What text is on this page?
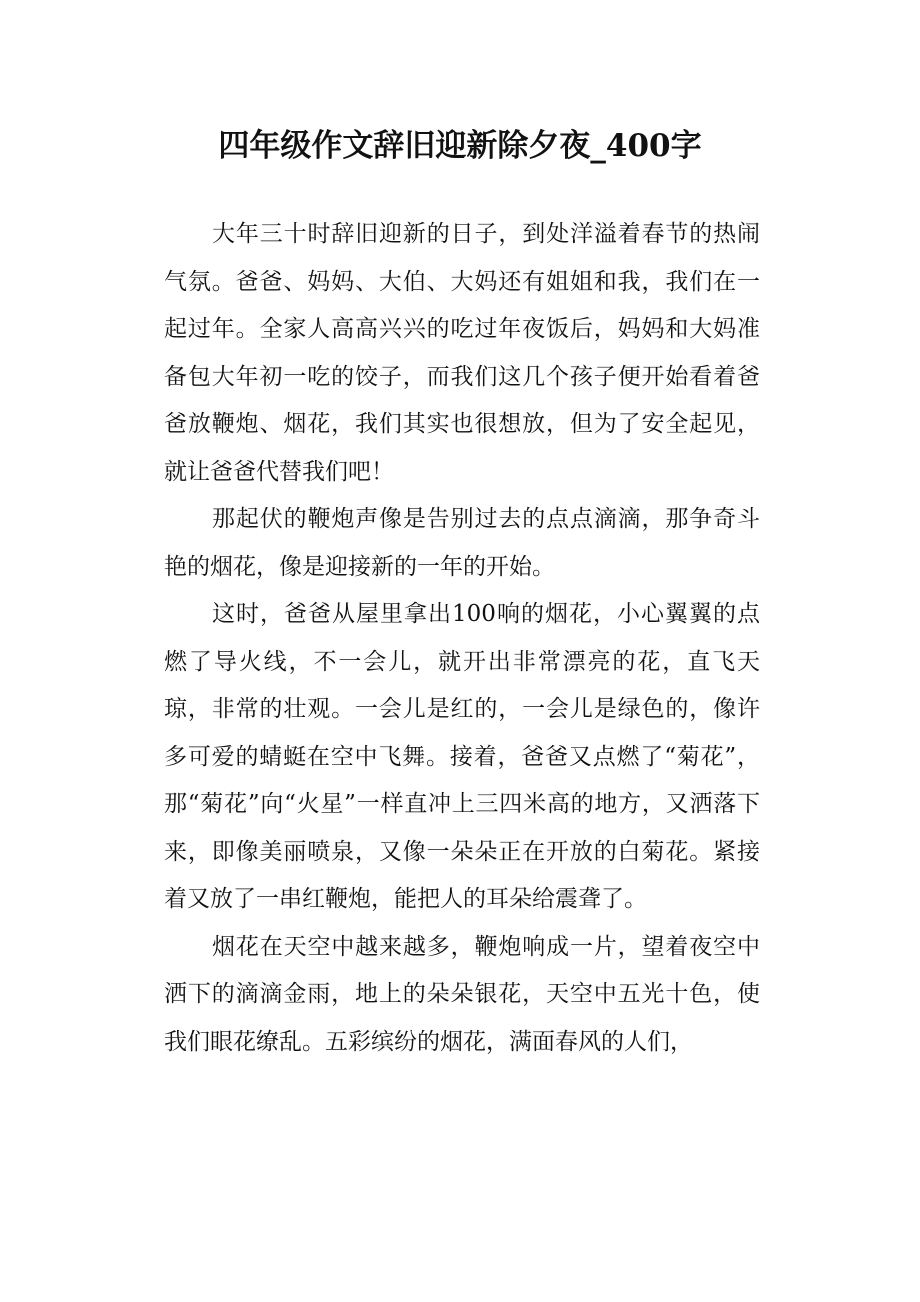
四年级作文辞旧迎新除夕夜_400字

大年三十时辞旧迎新的日子，到处洋溢着春节的热闹气氛。爸爸、妈妈、大伯、大妈还有姐姐和我，我们在一起过年。全家人高高兴兴的吃过年夜饭后，妈妈和大妈准备包大年初一吃的饺子，而我们这几个孩子便开始看着爸爸放鞭炮、烟花，我们其实也很想放，但为了安全起见，就让爸爸代替我们吧！

那起伏的鞭炮声像是告别过去的点点滴滴，那争奇斗艳的烟花，像是迎接新的一年的开始。

这时，爸爸从屋里拿出100响的烟花，小心翼翼的点燃了导火线，不一会儿，就开出非常漂亮的花，直飞天琼，非常的壮观。一会儿是红的，一会儿是绿色的，像许多可爱的蜻蜓在空中飞舞。接着，爸爸又点燃了“菊花”，那“菊花”向“火星”一样直冲上三四米高的地方，又洒落下来，即像美丽喷泉，又像一朵朵正在开放的白菊花。紧接着又放了一串红鞭炮，能把人的耳朵给震聋了。

烟花在天空中越来越多，鞭炮响成一片，望着夜空中洒下的滴滴金雨，地上的朵朵银花，天空中五光十色，使我们眼花缭乱。五彩缤纷的烟花，满面春风的人们，
